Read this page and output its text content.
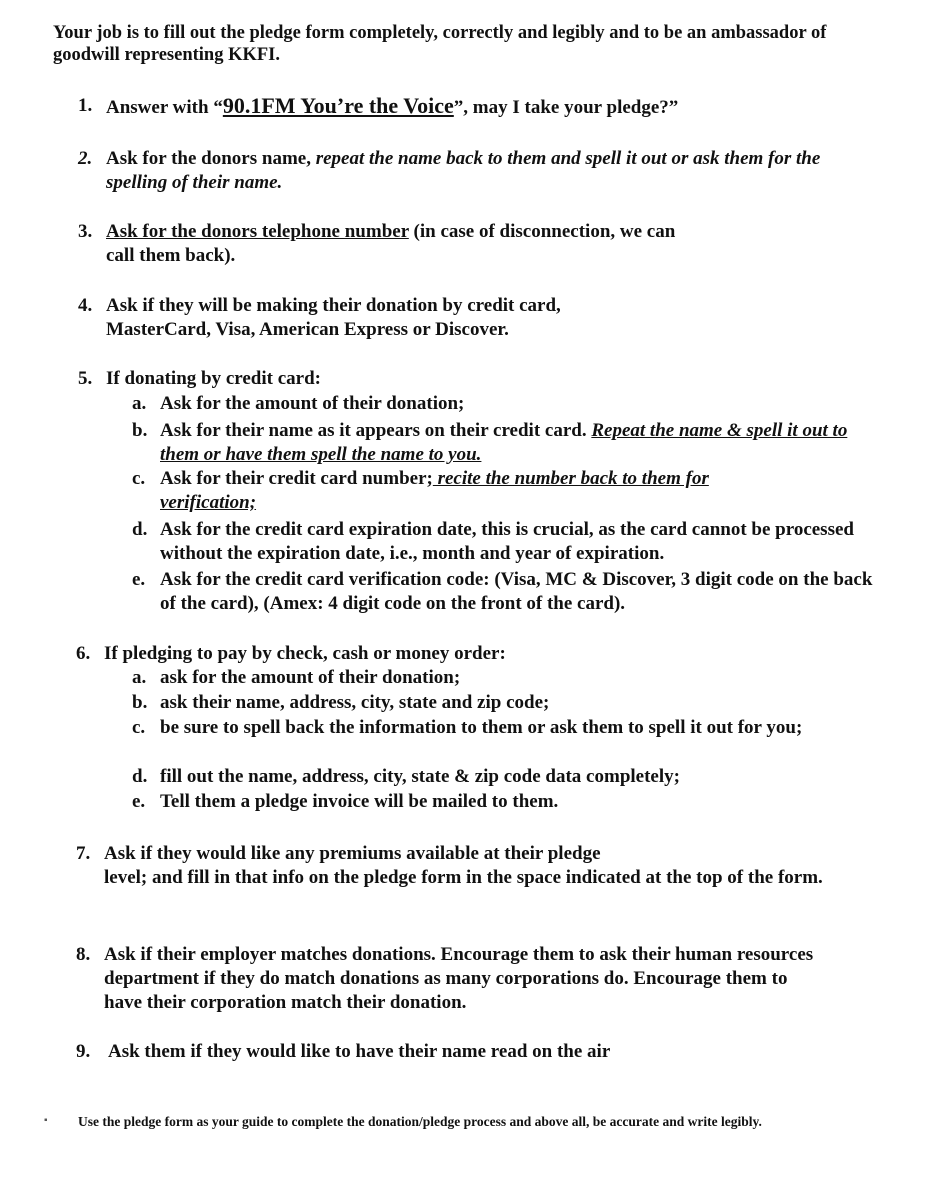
Your job is to fill out the pledge form completely, correctly and legibly and to be an ambassador of goodwill representing KKFI.
1. Answer with “90.1FM You’re the Voice”, may I take your pledge?”
2. Ask for the donors name, repeat the name back to them and spell it out or ask them for the spelling of their name.
3. Ask for the donors telephone number (in case of disconnection, we can call them back).
4. Ask if they will be making their donation by credit card,
MasterCard, Visa, American Express or Discover.
5. If donating by credit card:
a. Ask for the amount of their donation;
b. Ask for their name as it appears on their credit card. Repeat the name & spell it out to them or have them spell the name to you.
c. Ask for their credit card number; recite the number back to them for verification;
d. Ask for the credit card expiration date, this is crucial, as the card cannot be processed without the expiration date, i.e., month and year of expiration.
e. Ask for the credit card verification code: (Visa, MC & Discover, 3 digit code on the back of the card), (Amex: 4 digit code on the front of the card).
6. If pledging to pay by check, cash or money order:
a. ask for the amount of their donation;
b. ask their name, address, city, state and zip code;
c. be sure to spell back the information to them or ask them to spell it out for you;
d. fill out the name, address, city, state & zip code data completely;
e. Tell them a pledge invoice will be mailed to them.
7. Ask if they would like any premiums available at their pledge
level; and fill in that info on the pledge form in the space indicated at the top of the form.
8. Ask if their employer matches donations. Encourage them to ask their human resources department if they do match donations as many corporations do. Encourage them to have their corporation match their donation.
9. Ask them if they would like to have their name read on the air
▪ Use the pledge form as your guide to complete the donation/pledge process and above all, be accurate and write legibly.
